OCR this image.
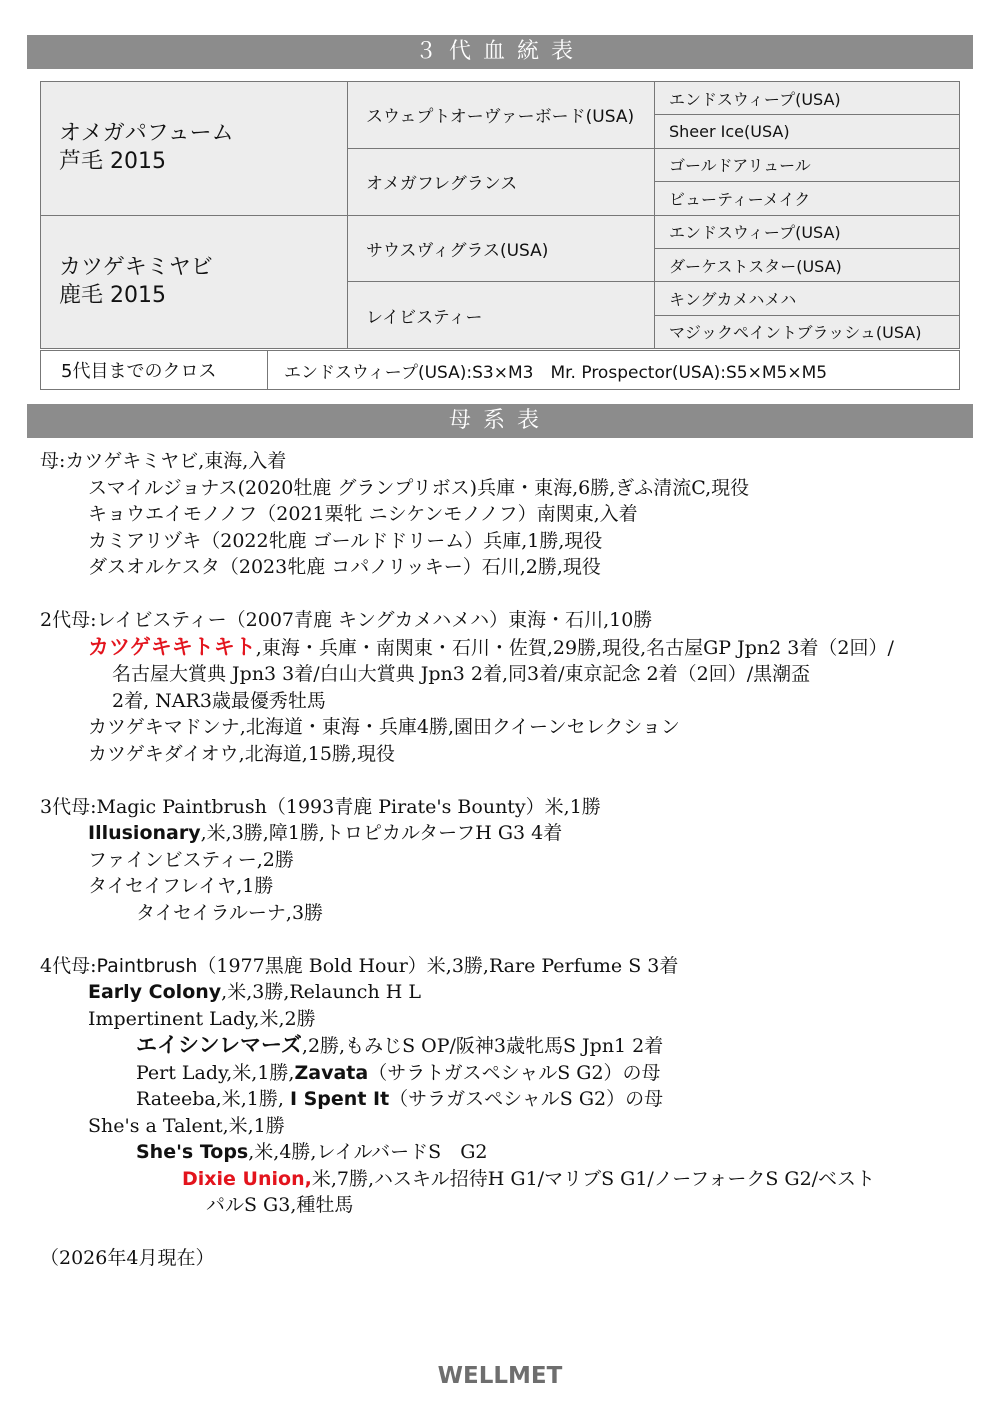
３代血統表
オメガパフューム
芦毛 2015	スウェプトオーヴァーボード(USA)	エンドスウィープ(USA)
		Sheer Ice(USA)
	オメガフレグランス	ゴールドアリュール
		ビューティーメイク

カツゲキミヤビ
鹿毛 2015	サウスヴィグラス(USA)	エンドスウィープ(USA)
		ダーケストスター(USA)
	レイビスティー	キングカメハメハ
		マジックペイントブラッシュ(USA)
5代目までのクロス	エンドスウィープ(USA):S3×M3　Mr. Prospector(USA):S5×M5×M5
母系表

母:カツゲキミヤビ,東海,入着

スマイルジョナス(2020牡鹿 グランプリボス)兵庫・東海,6勝,ぎふ清流C,現役

キョウエイモノノフ（2021栗牝 ニシケンモノノフ）南関東,入着

カミアリヅキ（2022牝鹿 ゴールドドリーム）兵庫,1勝,現役

ダスオルケスタ（2023牝鹿 コパノリッキー）石川,2勝,現役

2代母:レイビスティー（2007青鹿 キングカメハメハ）東海・石川,10勝

カツゲキキトキト,東海・兵庫・南関東・石川・佐賀,29勝,現役,名古屋GP Jpn2 3着（2回）/

名古屋大賞典 Jpn3 3着/白山大賞典 Jpn3 2着,同3着/東京記念 2着（2回）/黒潮盃

2着, NAR3歳最優秀牡馬

カツゲキマドンナ,北海道・東海・兵庫4勝,園田クイーンセレクション

カツゲキダイオウ,北海道,15勝,現役

3代母:Magic Paintbrush（1993青鹿 Pirate's Bounty）米,1勝

Illusionary,米,3勝,障1勝,トロピカルターフH G3 4着

ファインビスティー,2勝

タイセイフレイヤ,1勝

タイセイラルーナ,3勝

4代母:Paintbrush（1977黒鹿 Bold Hour）米,3勝,Rare Perfume S 3着

Early Colony,米,3勝,Relaunch H L

Impertinent Lady,米,2勝

エイシンレマーズ,2勝,もみじS OP/阪神3歳牝馬S Jpn1 2着

Pert Lady,米,1勝,Zavata（サラトガスペシャルS G2）の母

Rateeba,米,1勝, I Spent It（サラガスペシャルS G2）の母

She's a Talent,米,1勝

She's Tops,米,4勝,レイルバードS　G2

Dixie Union,米,7勝,ハスキル招待H G1/マリブS G1/ノーフォークS G2/ベスト

パルS G3,種牡馬

（2026年4月現在）

WELLMET
